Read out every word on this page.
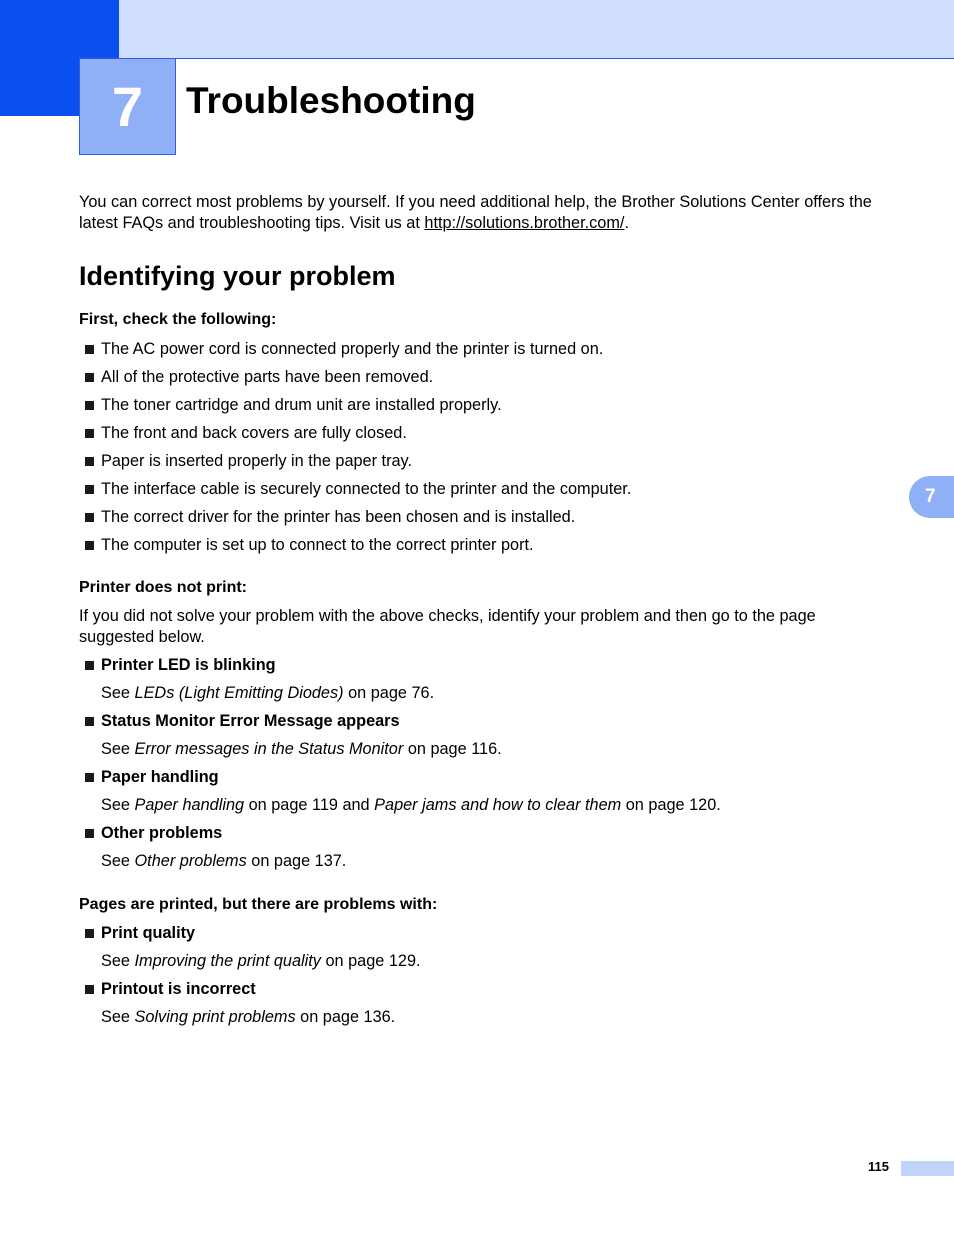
7 Troubleshooting

You can correct most problems by yourself. If you need additional help, the Brother Solutions Center offers the latest FAQs and troubleshooting tips. Visit us at http://solutions.brother.com/.

Identifying your problem

First, check the following:

The AC power cord is connected properly and the printer is turned on.
All of the protective parts have been removed.
The toner cartridge and drum unit are installed properly.
The front and back covers are fully closed.
Paper is inserted properly in the paper tray.
The interface cable is securely connected to the printer and the computer.
The correct driver for the printer has been chosen and is installed.
The computer is set up to connect to the correct printer port.

Printer does not print:

If you did not solve your problem with the above checks, identify your problem and then go to the page suggested below.

Printer LED is blinking
See LEDs (Light Emitting Diodes) on page 76.
Status Monitor Error Message appears
See Error messages in the Status Monitor on page 116.
Paper handling
See Paper handling on page 119 and Paper jams and how to clear them on page 120.
Other problems
See Other problems on page 137.

Pages are printed, but there are problems with:

Print quality
See Improving the print quality on page 129.
Printout is incorrect
See Solving print problems on page 136.
7
115
